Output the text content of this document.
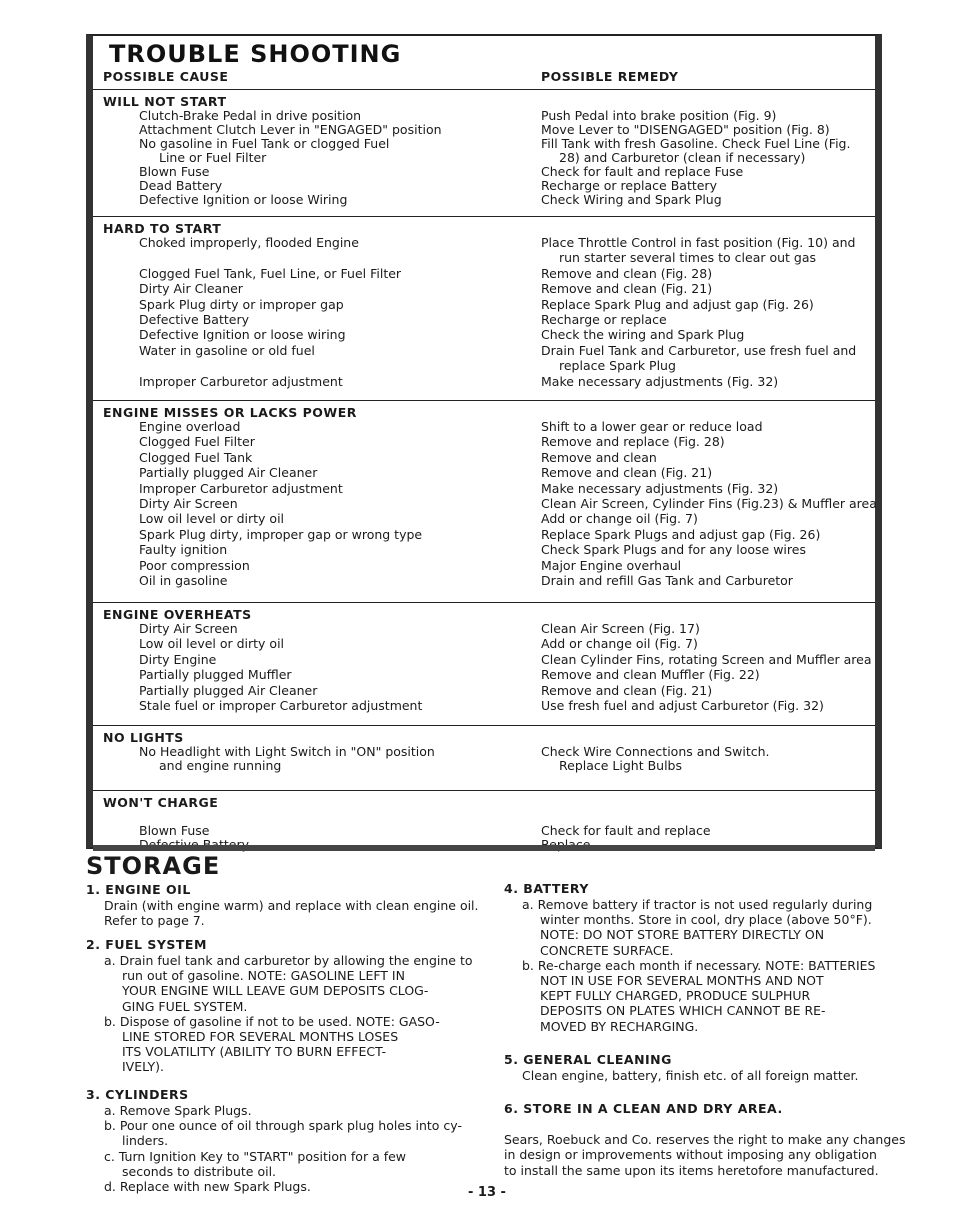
TROUBLE SHOOTING
POSSIBLE CAUSE	POSSIBLE REMEDY
WILL NOT START
Clutch-Brake Pedal in drive position
Attachment Clutch Lever in "ENGAGED" position
No gasoline in Fuel Tank or clogged Fuel
Line or Fuel Filter
Blown Fuse
Dead Battery
Defective Ignition or loose Wiring
Push Pedal into brake position (Fig. 9)
Move Lever to "DISENGAGED" position (Fig. 8)
Fill Tank with fresh Gasoline. Check Fuel Line (Fig.
28) and Carburetor (clean if necessary)
Check for fault and replace Fuse
Recharge or replace Battery
Check Wiring and Spark Plug
HARD TO START
Choked improperly, flooded Engine
Clogged Fuel Tank, Fuel Line, or Fuel Filter
Dirty Air Cleaner
Spark Plug dirty or improper gap
Defective Battery
Defective Ignition or loose wiring
Water in gasoline or old fuel
Improper Carburetor adjustment
Place Throttle Control in fast position (Fig. 10) and
run starter several times to clear out gas
Remove and clean (Fig. 28)
Remove and clean (Fig. 21)
Replace Spark Plug and adjust gap (Fig. 26)
Recharge or replace
Check the wiring and Spark Plug
Drain Fuel Tank and Carburetor, use fresh fuel and
replace Spark Plug
Make necessary adjustments (Fig. 32)
ENGINE MISSES OR LACKS POWER
Engine overload
Clogged Fuel Filter
Clogged Fuel Tank
Partially plugged Air Cleaner
Improper Carburetor adjustment
Dirty Air Screen
Low oil level or dirty oil
Spark Plug dirty, improper gap or wrong type
Faulty ignition
Poor compression
Oil in gasoline
Shift to a lower gear or reduce load
Remove and replace (Fig. 28)
Remove and clean
Remove and clean (Fig. 21)
Make necessary adjustments (Fig. 32)
Clean Air Screen, Cylinder Fins (Fig.23) & Muffler area
Add or change oil (Fig. 7)
Replace Spark Plugs and adjust gap (Fig. 26)
Check Spark Plugs and for any loose wires
Major Engine overhaul
Drain and refill Gas Tank and Carburetor
ENGINE OVERHEATS
Dirty Air Screen
Low oil level or dirty oil
Dirty Engine
Partially plugged Muffler
Partially plugged Air Cleaner
Stale fuel or improper Carburetor adjustment
Clean Air Screen (Fig. 17)
Add or change oil (Fig. 7)
Clean Cylinder Fins, rotating Screen and Muffler area
Remove and clean Muffler (Fig. 22)
Remove and clean (Fig. 21)
Use fresh fuel and adjust Carburetor (Fig. 32)
NO LIGHTS
No Headlight with Light Switch in "ON" position
and engine running
Check Wire Connections and Switch.
Replace Light Bulbs
WON'T CHARGE
Blown Fuse	Check for fault and replace
STORAGE
1. ENGINE OIL
Drain (with engine warm) and replace with clean engine oil.
Refer to page 7.
2. FUEL SYSTEM
a. Drain fuel tank and carburetor by allowing the engine to
run out of gasoline. NOTE: GASOLINE LEFT IN
YOUR ENGINE WILL LEAVE GUM DEPOSITS CLOG-
GING FUEL SYSTEM.
b. Dispose of gasoline if not to be used. NOTE: GASO-
LINE STORED FOR SEVERAL MONTHS LOSES
ITS VOLATILITY (ABILITY TO BURN EFFECT-
IVELY).
3. CYLINDERS
a. Remove Spark Plugs.
b. Pour one ounce of oil through spark plug holes into cy-
linders.
c. Turn Ignition Key to "START" position for a few
seconds to distribute oil.
d. Replace with new Spark Plugs.
4. BATTERY
a. Remove battery if tractor is not used regularly during
winter months. Store in cool, dry place (above 50°F).
NOTE: DO NOT STORE BATTERY DIRECTLY ON
CONCRETE SURFACE.
b. Re-charge each month if necessary. NOTE: BATTERIES
NOT IN USE FOR SEVERAL MONTHS AND NOT
KEPT FULLY CHARGED, PRODUCE SULPHUR
DEPOSITS ON PLATES WHICH CANNOT BE RE-
MOVED BY RECHARGING.
5. GENERAL CLEANING
Clean engine, battery, finish etc. of all foreign matter.
6. STORE IN A CLEAN AND DRY AREA.
Sears, Roebuck and Co. reserves the right to make any changes
in design or improvements without imposing any obligation
to install the same upon its items heretofore manufactured.
- 13 -
